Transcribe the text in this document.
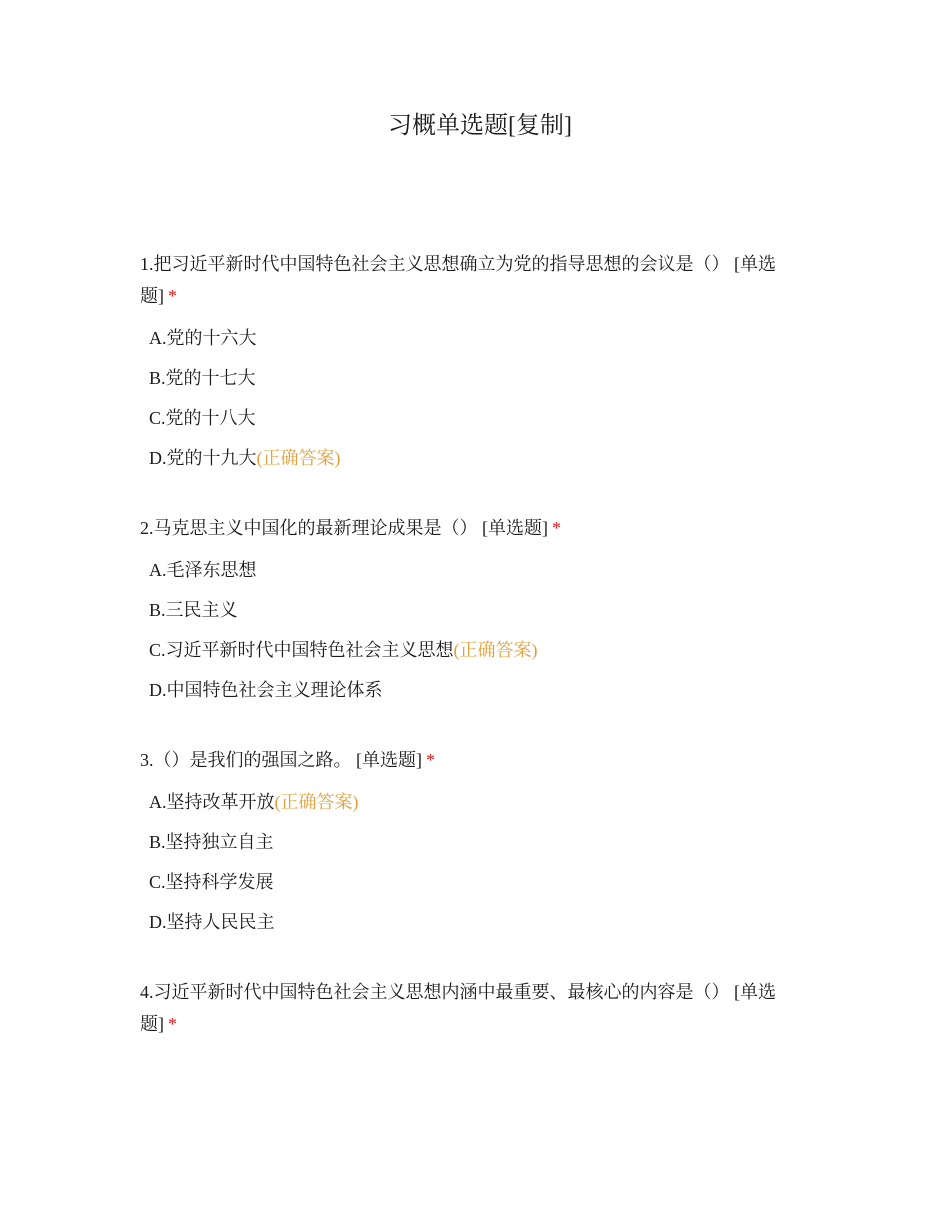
习概单选题[复制]
1.把习近平新时代中国特色社会主义思想确立为党的指导思想的会议是（） [单选题] *
A.党的十六大
B.党的十七大
C.党的十八大
D.党的十九大(正确答案)
2.马克思主义中国化的最新理论成果是（） [单选题] *
A.毛泽东思想
B.三民主义
C.习近平新时代中国特色社会主义思想(正确答案)
D.中国特色社会主义理论体系
3.（）是我们的强国之路。 [单选题] *
A.坚持改革开放(正确答案)
B.坚持独立自主
C.坚持科学发展
D.坚持人民民主
4.习近平新时代中国特色社会主义思想内涵中最重要、最核心的内容是（） [单选题] *
